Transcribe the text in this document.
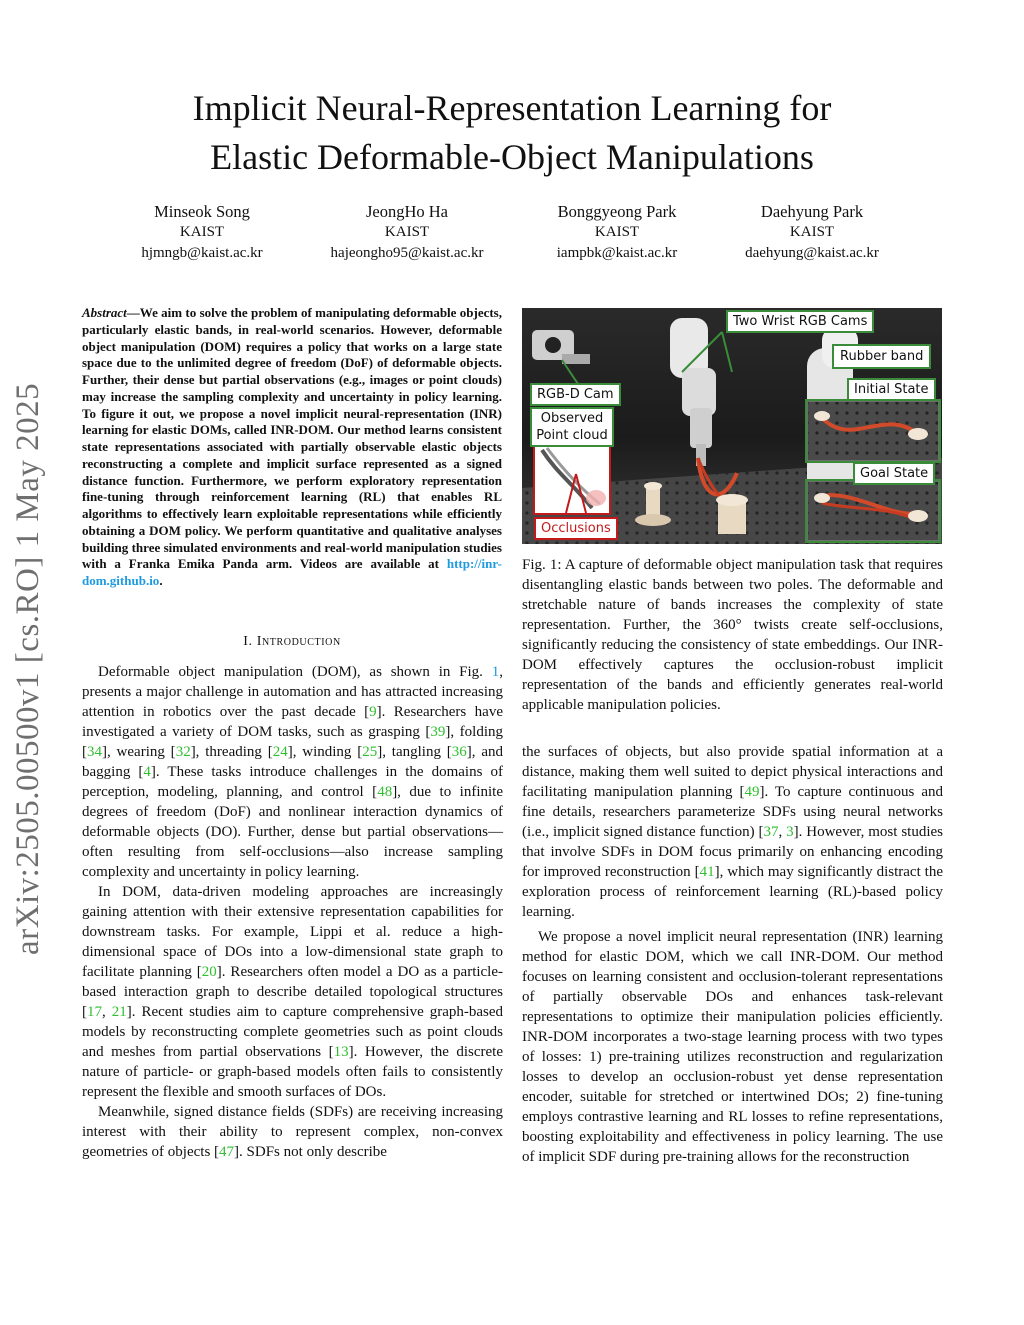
arXiv:2505.00500v1 [cs.RO] 1 May 2025
Implicit Neural-Representation Learning for
Elastic Deformable-Object Manipulations
Minseok Song
KAIST
hjmngb@kaist.ac.kr
JeongHo Ha
KAIST
hajeongho95@kaist.ac.kr
Bonggyeong Park
KAIST
iampbk@kaist.ac.kr
Daehyung Park
KAIST
daehyung@kaist.ac.kr

Abstract—We aim to solve the problem of manipulating deformable objects, particularly elastic bands, in real-world scenarios. However, deformable object manipulation (DOM) requires a policy that works on a large state space due to the unlimited degree of freedom (DoF) of deformable objects. Further, their dense but partial observations (e.g., images or point clouds) may increase the sampling complexity and uncertainty in policy learning. To figure it out, we propose a novel implicit neural-representation (INR) learning for elastic DOMs, called INR-DOM. Our method learns consistent state representations associated with partially observable elastic objects reconstructing a complete and implicit surface represented as a signed distance function. Furthermore, we perform exploratory representation fine-tuning through reinforcement learning (RL) that enables RL algorithms to effectively learn exploitable representations while efficiently obtaining a DOM policy. We perform quantitative and qualitative analyses building three simulated environments and real-world manipulation studies with a Franka Emika Panda arm. Videos are available at http://inr-dom.github.io.

I. Introduction

Deformable object manipulation (DOM), as shown in Fig. 1, presents a major challenge in automation and has attracted increasing attention in robotics over the past decade [9]. Researchers have investigated a variety of DOM tasks, such as grasping [39], folding [34], wearing [32], threading [24], winding [25], tangling [36], and bagging [4]. These tasks introduce challenges in the domains of perception, modeling, planning, and control [48], due to infinite degrees of freedom (DoF) and nonlinear interaction dynamics of deformable objects (DO). Further, dense but partial observations—often resulting from self-occlusions—also increase sampling complexity and uncertainty in policy learning.

In DOM, data-driven modeling approaches are increasingly gaining attention with their extensive representation capabilities for downstream tasks. For example, Lippi et al. reduce a high-dimensional space of DOs into a low-dimensional state graph to facilitate planning [20]. Researchers often model a DO as a particle-based interaction graph to describe detailed topological structures [17, 21]. Recent studies aim to capture comprehensive graph-based models by reconstructing complete geometries such as point clouds and meshes from partial observations [13]. However, the discrete nature of particle- or graph-based models often fails to consistently represent the flexible and smooth surfaces of DOs.

Meanwhile, signed distance fields (SDFs) are receiving increasing interest with their ability to represent complex, non-convex geometries of objects [47]. SDFs not only describe

Two Wrist RGB Cams
Rubber band
RGB-D Cam
Observed Point cloud
Initial State
Goal State
Occlusions

Fig. 1: A capture of deformable object manipulation task that requires disentangling elastic bands between two poles. The deformable and stretchable nature of bands increases the complexity of state representation. Further, the 360° twists create self-occlusions, significantly reducing the consistency of state embeddings. Our INR-DOM effectively captures the occlusion-robust implicit representation of the bands and efficiently generates real-world applicable manipulation policies.

the surfaces of objects, but also provide spatial information at a distance, making them well suited to depict physical interactions and facilitating manipulation planning [49]. To capture continuous and fine details, researchers parameterize SDFs using neural networks (i.e., implicit signed distance function) [37, 3]. However, most studies that involve SDFs in DOM focus primarily on enhancing encoding for improved reconstruction [41], which may significantly distract the exploration process of reinforcement learning (RL)-based policy learning.

We propose a novel implicit neural representation (INR) learning method for elastic DOM, which we call INR-DOM. Our method focuses on learning consistent and occlusion-tolerant representations of partially observable DOs and enhances task-relevant representations to optimize their manipulation policies efficiently. INR-DOM incorporates a two-stage learning process with two types of losses: 1) pre-training utilizes reconstruction and regularization losses to develop an occlusion-robust yet dense representation encoder, suitable for stretched or intertwined DOs; 2) fine-tuning employs contrastive learning and RL losses to refine representations, boosting exploitability and effectiveness in policy learning. The use of implicit SDF during pre-training allows for the reconstruction
